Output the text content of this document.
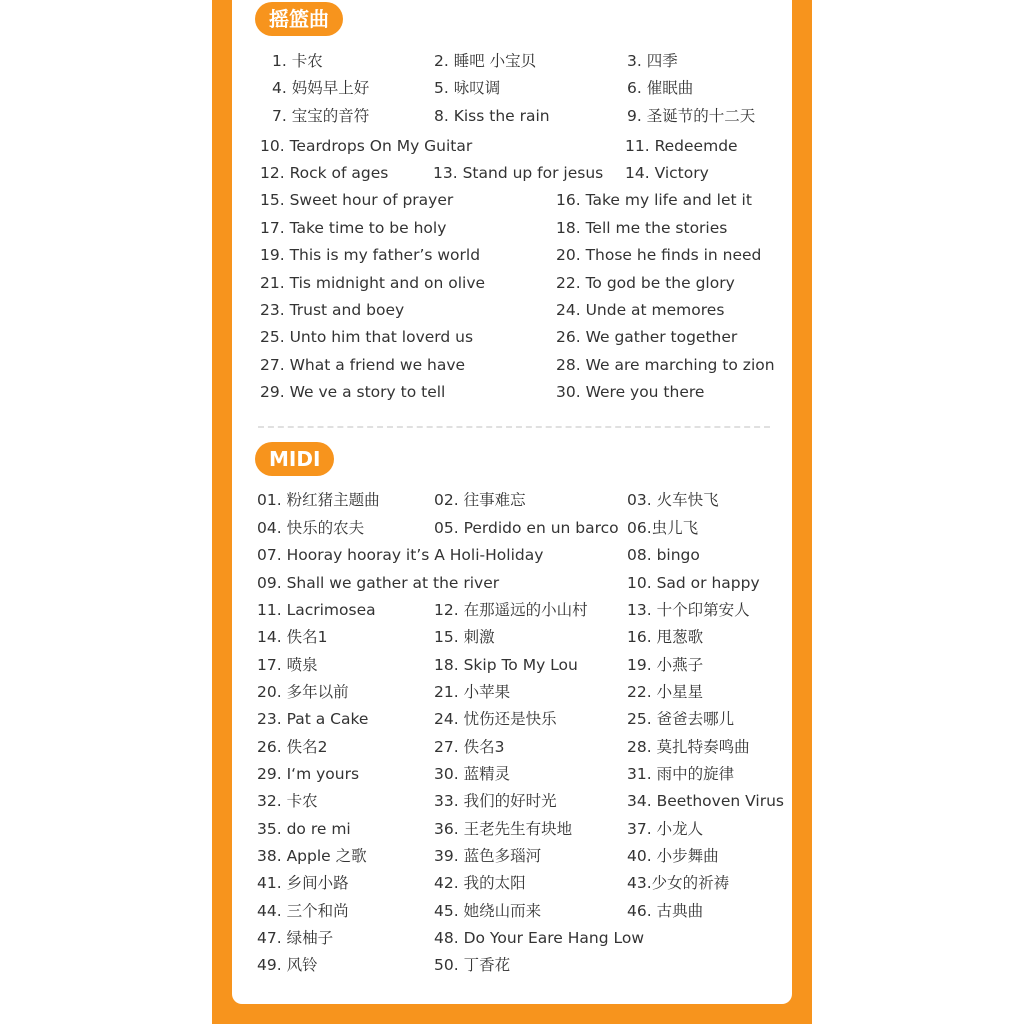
摇篮曲
MIDI
1. 卡农	2. 睡吧 小宝贝	3. 四季
4. 妈妈早上好	5. 咏叹调	6. 催眠曲
7. 宝宝的音符	8. Kiss the rain	9. 圣诞节的十二天
10. Teardrops On My Guitar	11. Redeemde
12. Rock of ages	13. Stand up for jesus 14. Victory
15. Sweet hour of prayer	16. Take my life and let it
17. Take time to be holy	18. Tell me the stories
19. This is my father’s world	20. Those he finds in need
21. Tis midnight and on olive	22. To god be the glory
23. Trust and boey	24. Unde at memores
25. Unto him that loverd us	26. We gather together
27. What a friend we have	28. We are marching to zion
29. We ve a story to tell	30. Were you there
01. 粉红猪主题曲	02. 往事难忘	03. 火车快飞
04. 快乐的农夫	05. Perdido en un barco 06.虫儿飞
07. Hooray hooray it’s A Holi-Holiday	08. bingo
09. Shall we gather at the river	10. Sad or happy
11. Lacrimosea	12. 在那遥远的小山村	13. 十个印第安人
14. 佚名1	15. 刺激	16. 甩葱歌
17. 喷泉	18. Skip To My Lou	19. 小燕子
20. 多年以前	21. 小苹果	22. 小星星
23. Pat a Cake	24. 忧伤还是快乐	25. 爸爸去哪儿
26. 佚名2	27. 佚名3	28. 莫扎特奏鸣曲
29. I‘m yours	30. 蓝精灵	31. 雨中的旋律
32. 卡农	33. 我们的好时光	34. Beethoven Virus
35. do re mi	36. 王老先生有块地	37. 小龙人
38. Apple 之歌	39. 蓝色多瑙河	40. 小步舞曲
41. 乡间小路	42. 我的太阳	43.少女的祈祷
44. 三个和尚	45. 她绕山而来	46. 古典曲
47. 绿柚子	48. Do Your Eare Hang Low
49. 风铃	50. 丁香花
